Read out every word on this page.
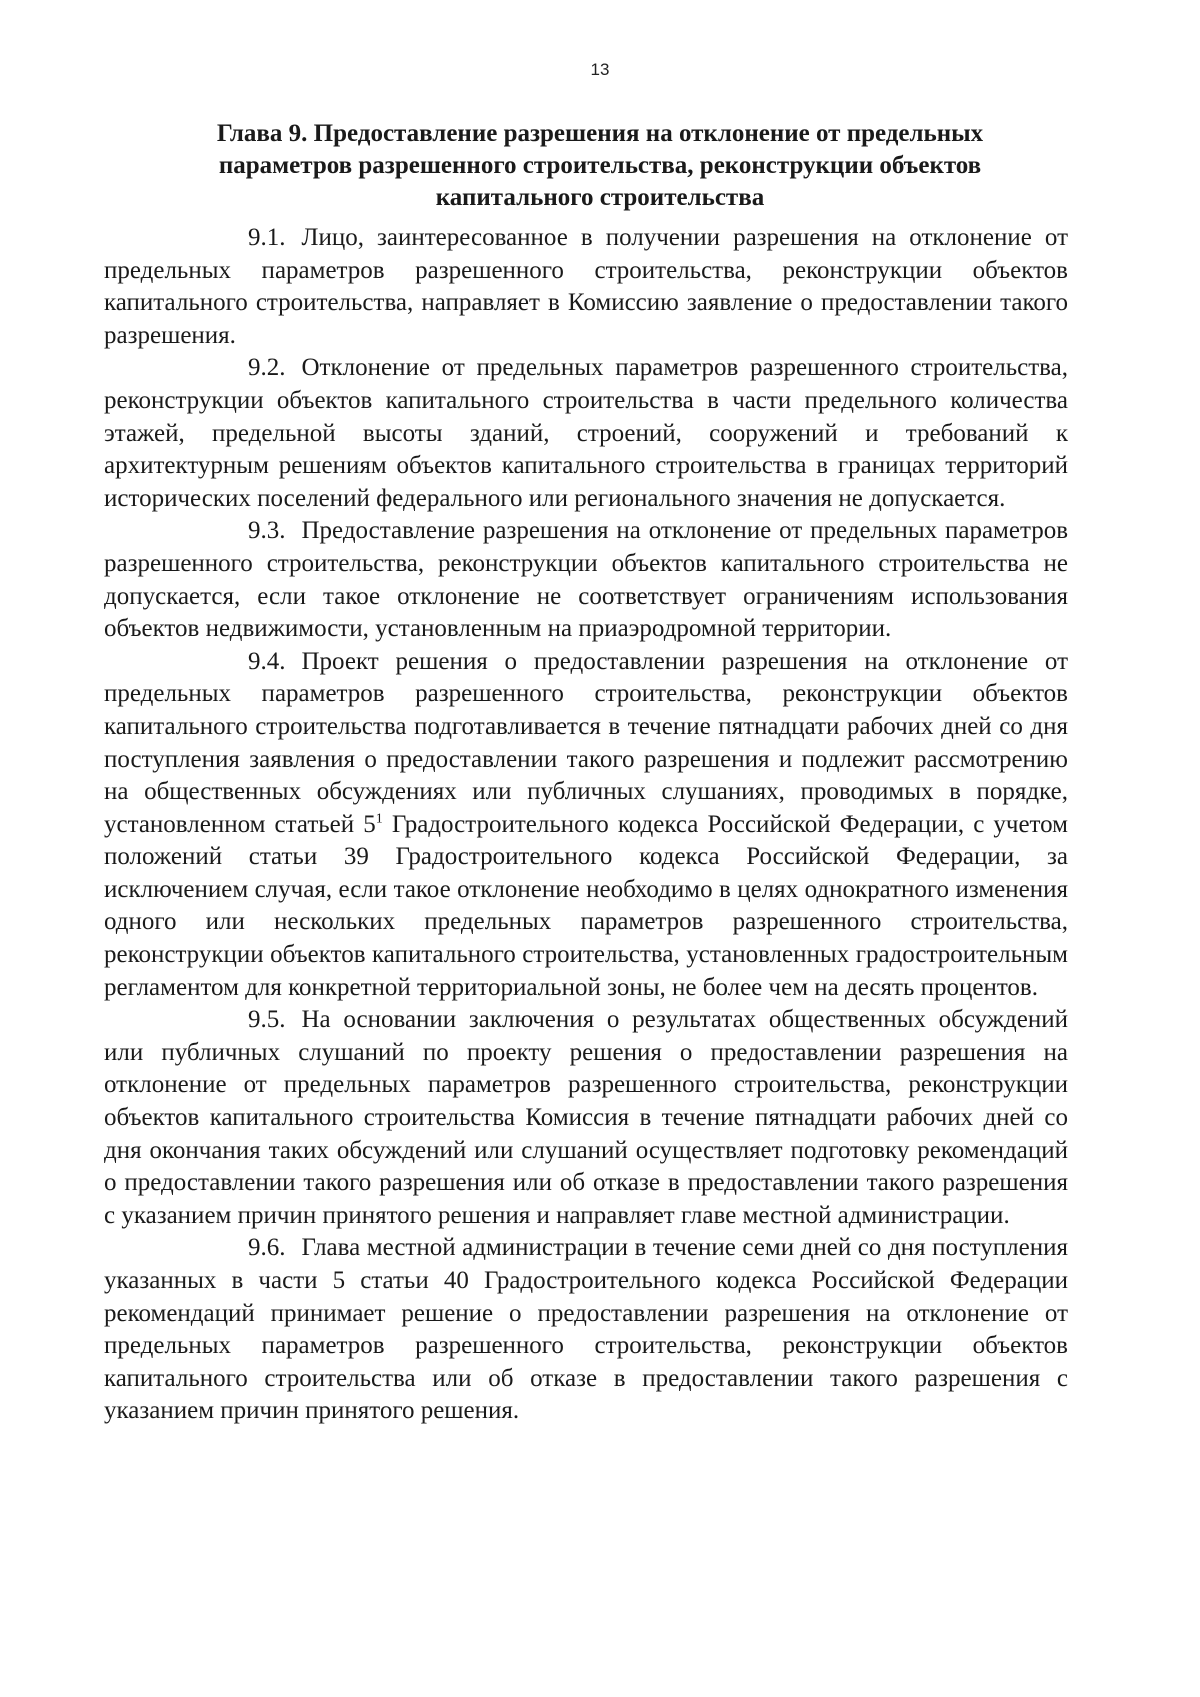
13
Глава 9. Предоставление разрешения на отклонение от предельных параметров разрешенного строительства, реконструкции объектов капитального строительства

9.1. Лицо, заинтересованное в получении разрешения на отклонение от предельных параметров разрешенного строительства, реконструкции объектов капитального строительства, направляет в Комиссию заявление о предоставлении такого разрешения.

9.2. Отклонение от предельных параметров разрешенного строительства, реконструкции объектов капитального строительства в части предельного количества этажей, предельной высоты зданий, строений, сооружений и требований к архитектурным решениям объектов капитального строительства в границах территорий исторических поселений федерального или регионального значения не допускается.

9.3. Предоставление разрешения на отклонение от предельных параметров разрешенного строительства, реконструкции объектов капитального строительства не допускается, если такое отклонение не соответствует ограничениям использования объектов недвижимости, установленным на приаэродромной территории.

9.4. Проект решения о предоставлении разрешения на отклонение от предельных параметров разрешенного строительства, реконструкции объектов капитального строительства подготавливается в течение пятнадцати рабочих дней со дня поступления заявления о предоставлении такого разрешения и подлежит рассмотрению на общественных обсуждениях или публичных слушаниях, проводимых в порядке, установленном статьей $5^1$ Градостроительного кодекса Российской Федерации, с учетом положений статьи 39 Градостроительного кодекса Российской Федерации, за исключением случая, если такое отклонение необходимо в целях однократного изменения одного или нескольких предельных параметров разрешенного строительства, реконструкции объектов капитального строительства, установленных градостроительным регламентом для конкретной территориальной зоны, не более чем на десять процентов.

9.5. На основании заключения о результатах общественных обсуждений или публичных слушаний по проекту решения о предоставлении разрешения на отклонение от предельных параметров разрешенного строительства, реконструкции объектов капитального строительства Комиссия в течение пятнадцати рабочих дней со дня окончания таких обсуждений или слушаний осуществляет подготовку рекомендаций о предоставлении такого разрешения или об отказе в предоставлении такого разрешения с указанием причин принятого решения и направляет главе местной администрации.

9.6. Глава местной администрации в течение семи дней со дня поступления указанных в части 5 статьи 40 Градостроительного кодекса Российской Федерации рекомендаций принимает решение о предоставлении разрешения на отклонение от предельных параметров разрешенного строительства, реконструкции объектов капитального строительства или об отказе в предоставлении такого разрешения с указанием причин принятого решения.
